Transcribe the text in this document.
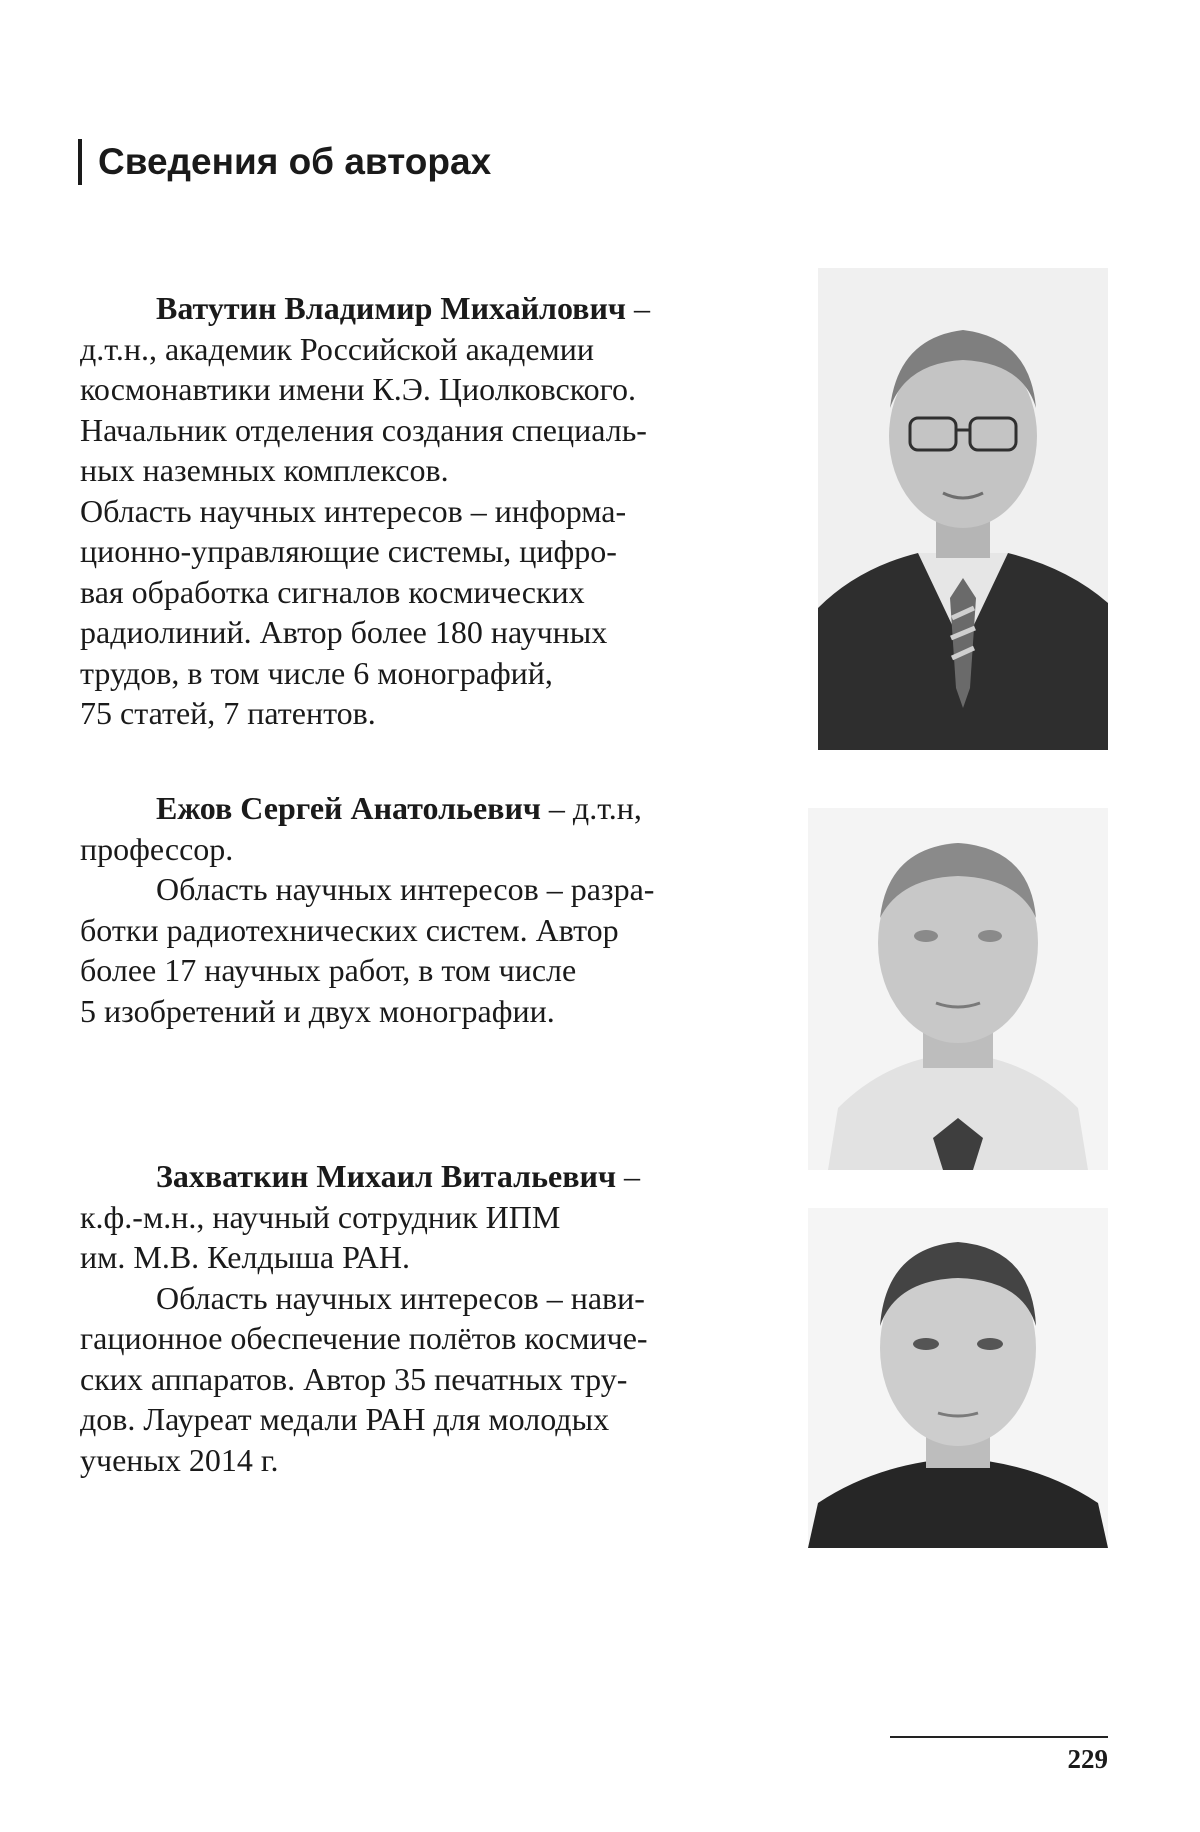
Сведения об авторах

Ватутин Владимир Михайлович –

д.т.н., академик Российской академии

космонавтики имени К.Э. Циолковского.

Начальник отделения создания специаль-

ных наземных комплексов.

Область научных интересов – информа-

ционно-управляющие системы, цифро-

вая обработка сигналов космических

радиолиний. Автор более 180 научных

трудов, в том числе 6 монографий,

75 статей, 7 патентов.

Ежов Сергей Анатольевич – д.т.н,

профессор.

Область научных интересов – разра-

ботки радиотехнических систем. Автор

более 17 научных работ, в том числе

5 изобретений и двух монографии.

Захваткин Михаил Витальевич –

к.ф.-м.н., научный сотрудник ИПМ

им. М.В. Келдыша РАН.

Область научных интересов – нави-

гационное обеспечение полётов космиче-

ских аппаратов. Автор 35 печатных тру-

дов. Лауреат медали РАН для молодых

ученых 2014 г.

229
